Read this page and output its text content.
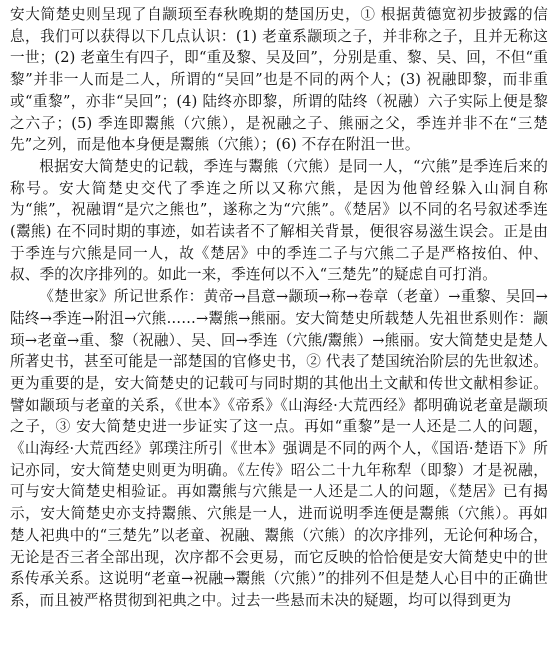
安大简楚史则呈现了自颛顼至春秋晚期的楚国历史，① 根据黄德宽初步披露的信息，我们可以获得以下几点认识：(1) 老童系颛顼之子，并非称之子，且并无称这一世；(2) 老童生有四子，即“重及黎、吴及回”，分别是重、黎、吴、回，不但“重黎”并非一人而是二人，所谓的“吴回”也是不同的两个人；(3) 祝融即黎，而非重或“重黎”，亦非“吴回”；(4) 陆终亦即黎，所谓的陆终（祝融）六子实际上便是黎之六子；(5) 季连即鬻熊（穴熊），是祝融之子、熊丽之父，季连并非不在“三楚先”之列，而是他本身便是鬻熊（穴熊）；(6) 不存在附沮一世。

根据安大简楚史的记载，季连与鬻熊（穴熊）是同一人，“穴熊”是季连后来的称号。安大简楚史交代了季连之所以又称穴熊，是因为他曾经躲入山洞自称为“熊”，祝融谓“是穴之熊也”，遂称之为“穴熊”。《楚居》以不同的名号叙述季连(鬻熊) 在不同时期的事迹，如若读者不了解相关背景，便很容易滋生误会。正是由于季连与穴熊是同一人，故《楚居》中的季连二子与穴熊二子是严格按伯、仲、叔、季的次序排列的。如此一来，季连何以不入“三楚先”的疑虑自可打消。

《楚世家》所记世系作：黄帝→昌意→颛顼→称→卷章（老童）→重黎、吴回→陆终→季连→附沮→穴熊……→鬻熊→熊丽。安大简楚史所载楚人先祖世系则作：颛顼→老童→重、黎（祝融）、吴、回→季连（穴熊/鬻熊）→熊丽。安大简楚史是楚人所著史书，甚至可能是一部楚国的官修史书，② 代表了楚国统治阶层的先世叙述。更为重要的是，安大简楚史的记载可与同时期的其他出土文献和传世文献相参证。譬如颛顼与老童的关系，《世本》《帝系》《山海经·大荒西经》都明确说老童是颛顼之子，③ 安大简楚史进一步证实了这一点。再如“重黎”是一人还是二人的问题，《山海经·大荒西经》郭璞注所引《世本》强调是不同的两个人，《国语·楚语下》所记亦同，安大简楚史则更为明确。《左传》昭公二十九年称犁（即黎）才是祝融，可与安大简楚史相验证。再如鬻熊与穴熊是一人还是二人的问题，《楚居》已有揭示，安大简楚史亦支持鬻熊、穴熊是一人，进而说明季连便是鬻熊（穴熊）。再如楚人祀典中的“三楚先”以老童、祝融、鬻熊（穴熊）的次序排列，无论何种场合，无论是否三者全部出现，次序都不会更易，而它反映的恰恰便是安大简楚史中的世系传承关系。这说明“老童→祝融→鬻熊（穴熊）”的排列不但是楚人心目中的正确世系，而且被严格贯彻到祀典之中。过去一些悬而未决的疑题，均可以得到更为
